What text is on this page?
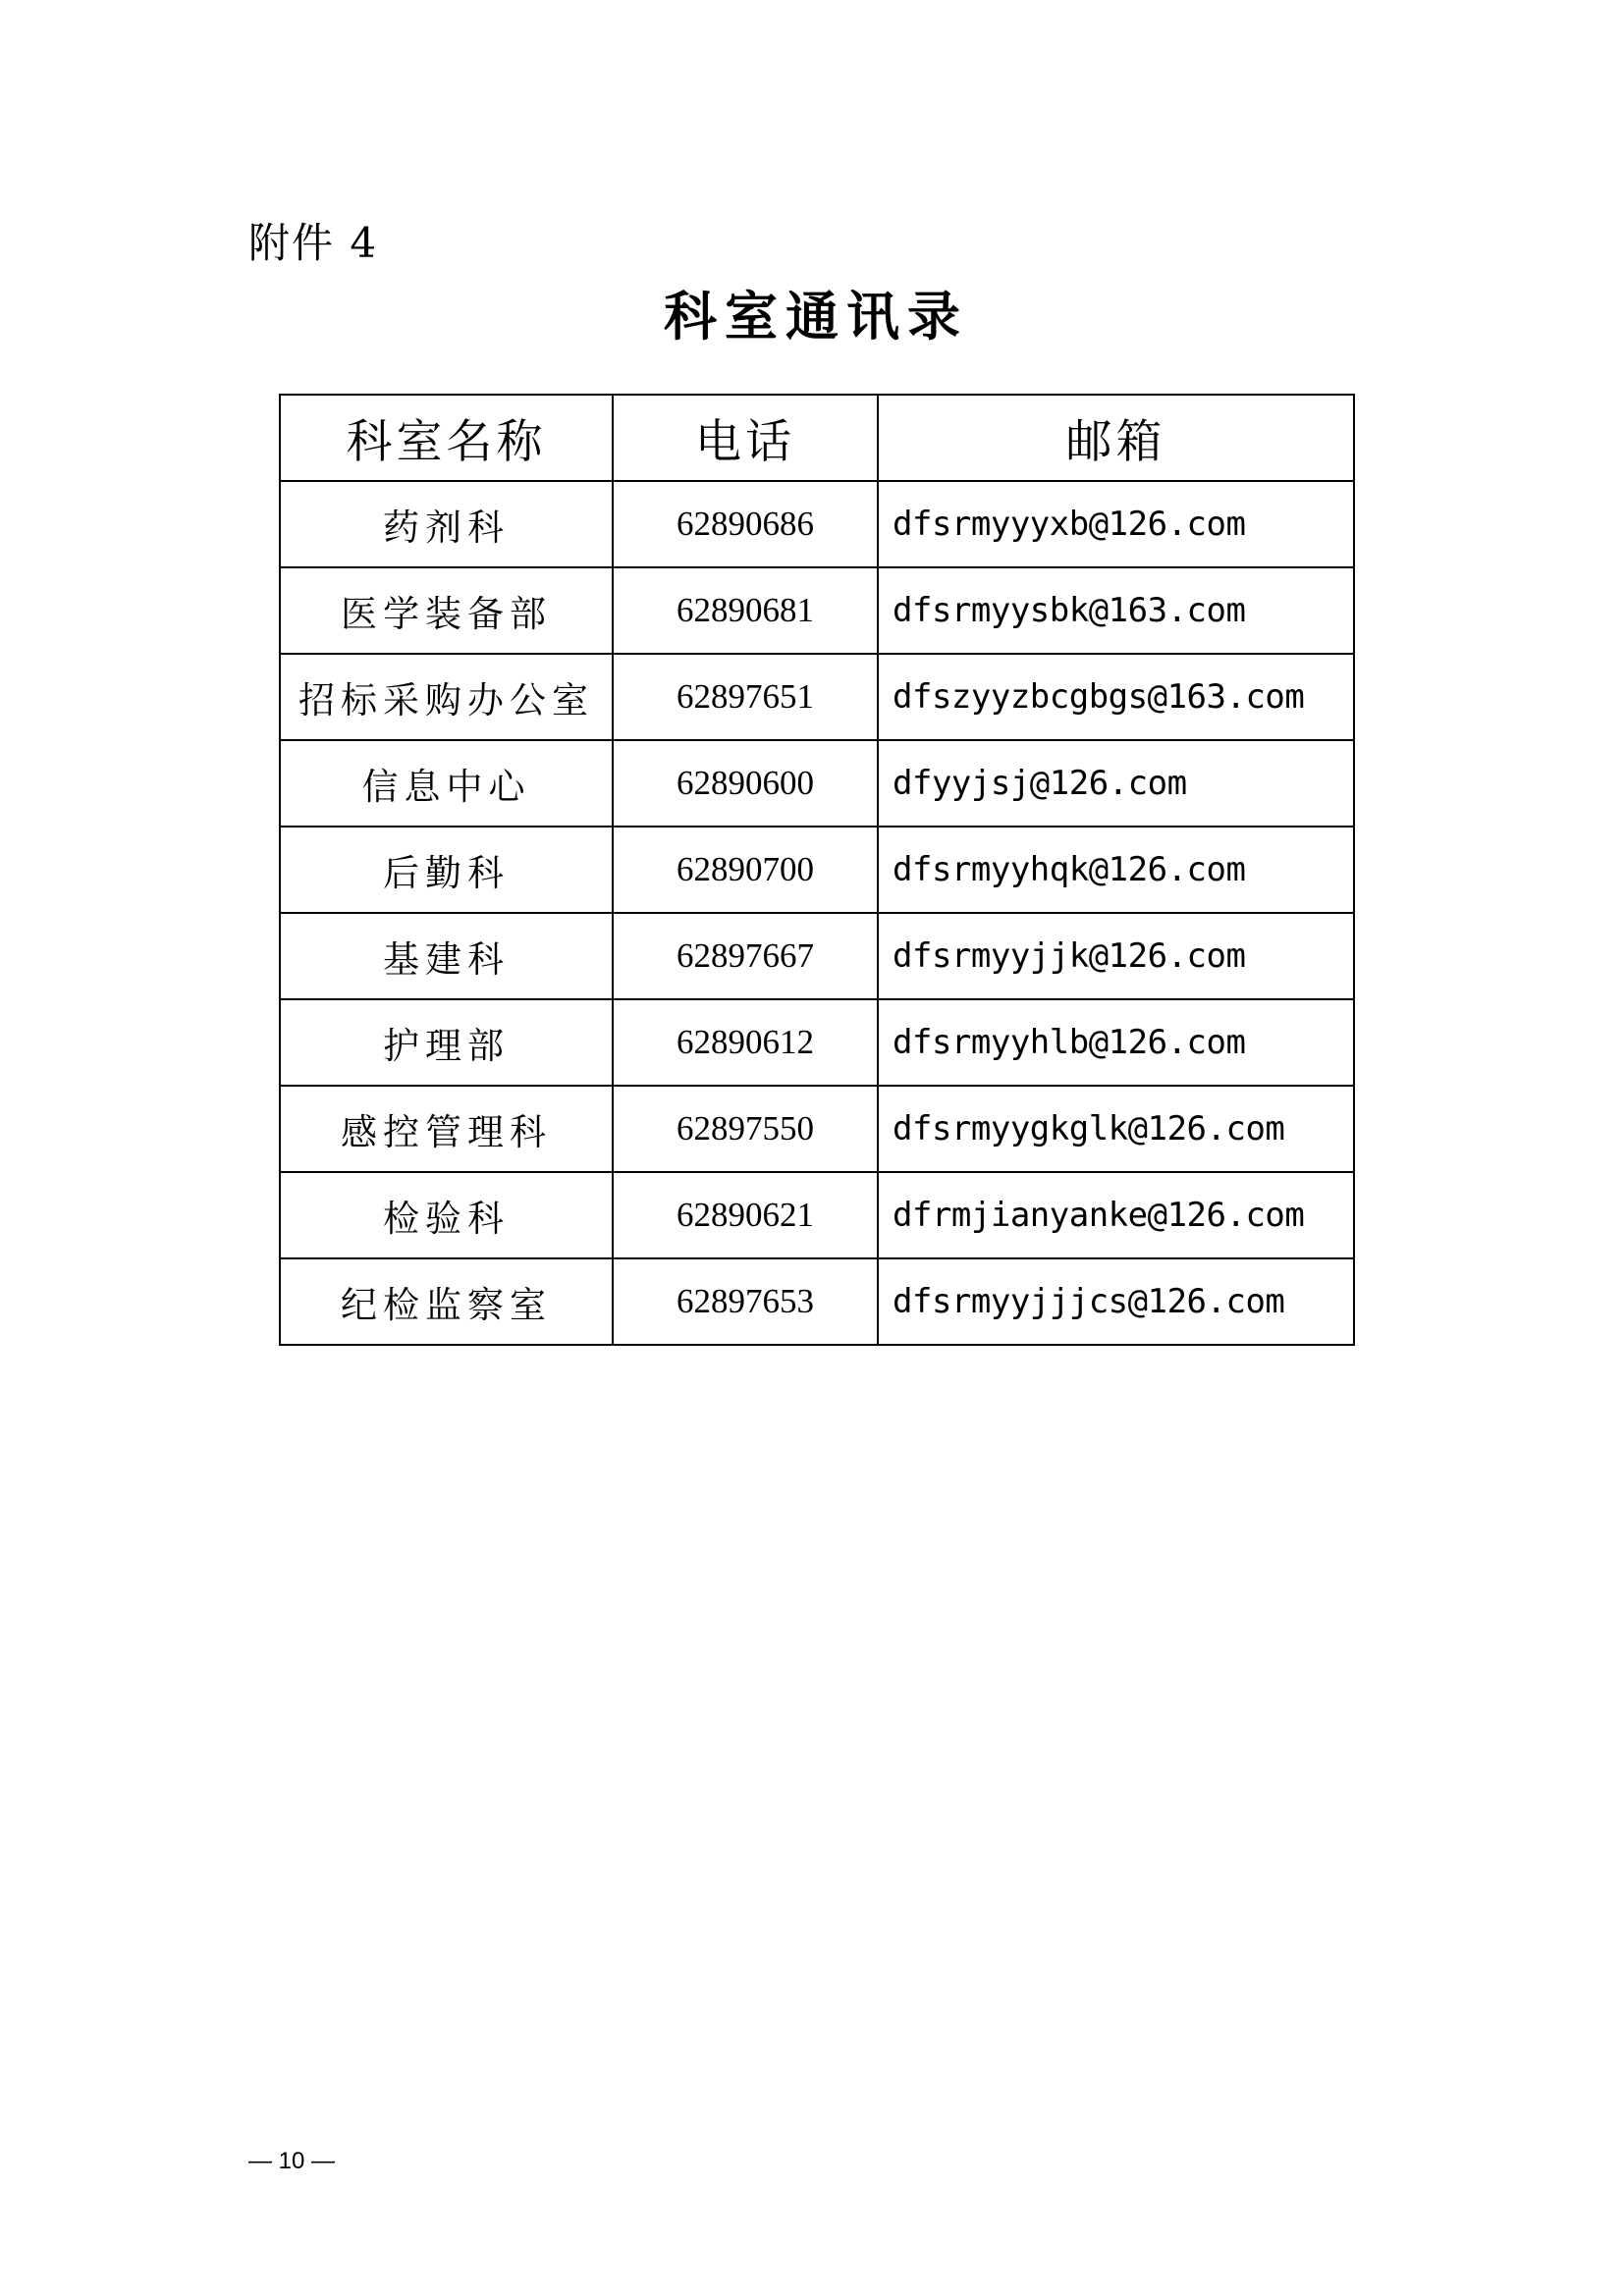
附件 4
科室通讯录
科室名称	电话	邮箱
药剂科	62890686	dfsrmyyyxb@126.com
医学装备部	62890681	dfsrmyysbk@163.com
招标采购办公室	62897651	dfszyyzbcgbgs@163.com
信息中心	62890600	dfyyjsj@126.com
后勤科	62890700	dfsrmyyhqk@126.com
基建科	62897667	dfsrmyyjjk@126.com
护理部	62890612	dfsrmyyhlb@126.com
感控管理科	62897550	dfsrmyygkglk@126.com
检验科	62890621	dfrmjianyanke@126.com
纪检监察室	62897653	dfsrmyyjjjcs@126.com
— 10 —
